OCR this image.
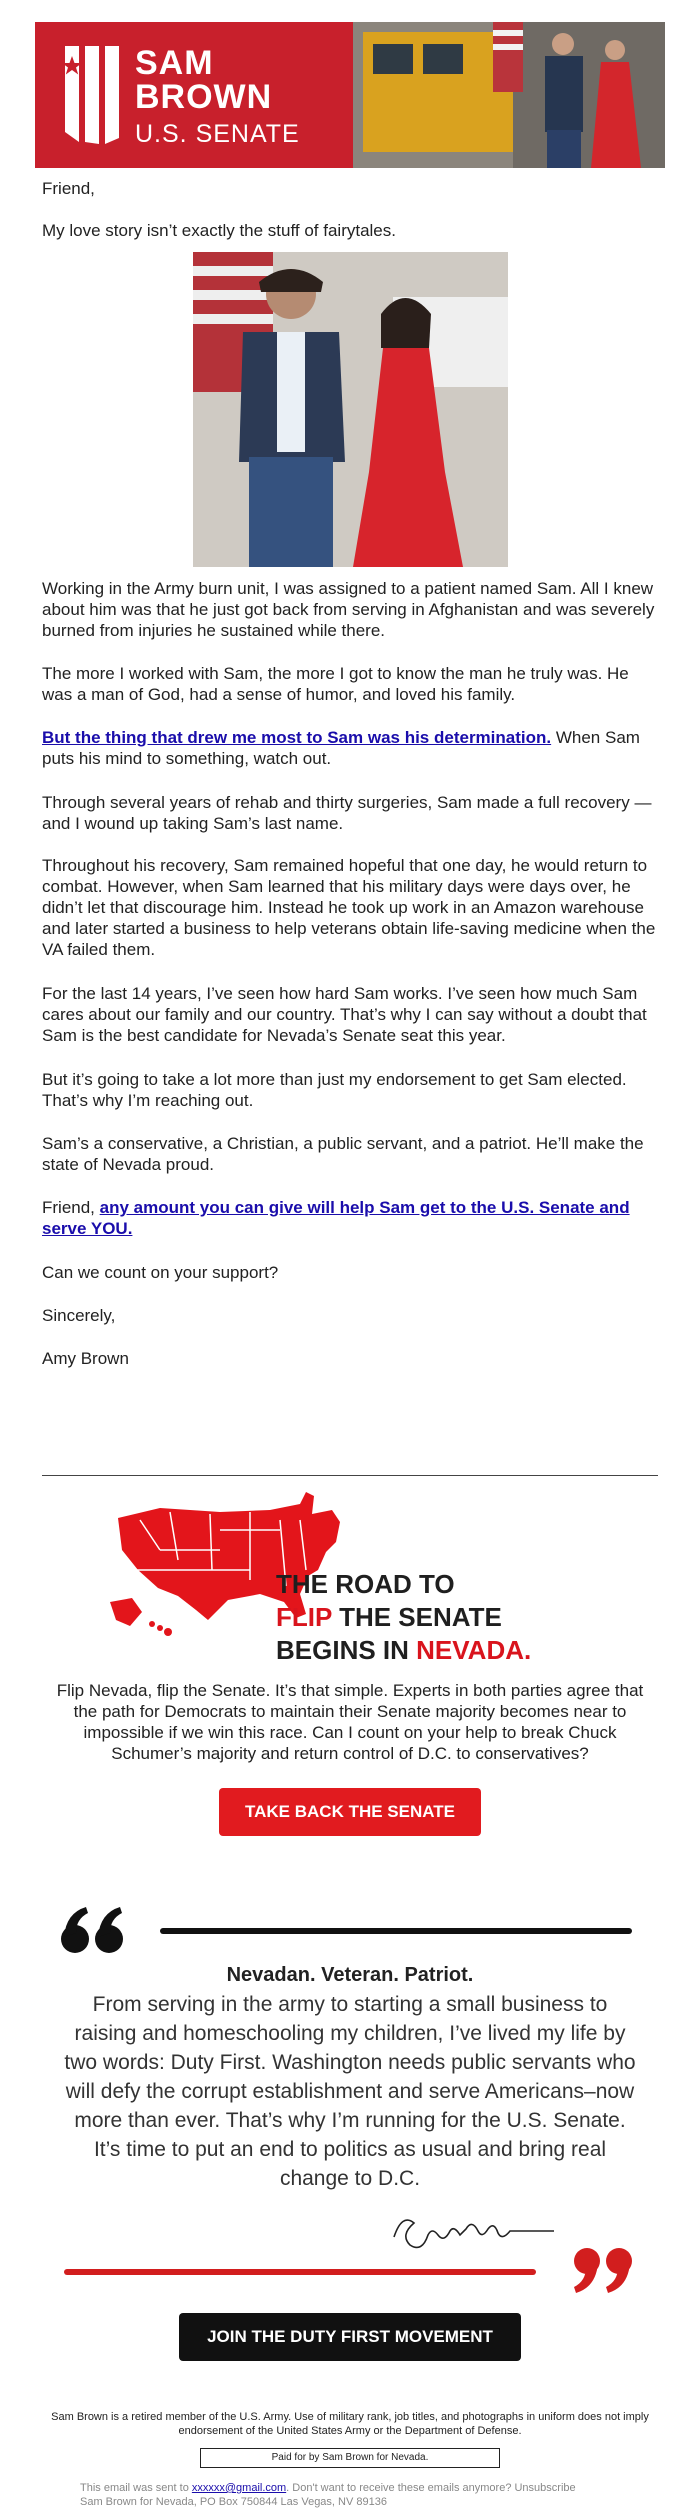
SAM
BROWN
U.S. SENATE
Friend,
My love story isn’t exactly the stuff of fairytales.
Working in the Army burn unit, I was assigned to a patient named Sam. All I knew about him was that he just got back from serving in Afghanistan and was severely burned from injuries he sustained while there.
The more I worked with Sam, the more I got to know the man he truly was. He was a man of God, had a sense of humor, and loved his family.
But the thing that drew me most to Sam was his determination. When Sam puts his mind to something, watch out.
Through several years of rehab and thirty surgeries, Sam made a full recovery — and I wound up taking Sam’s last name.
Throughout his recovery, Sam remained hopeful that one day, he would return to combat. However, when Sam learned that his military days were days over, he didn’t let that discourage him. Instead he took up work in an Amazon warehouse and later started a business to help veterans obtain life-saving medicine when the VA failed them.
For the last 14 years, I’ve seen how hard Sam works. I’ve seen how much Sam cares about our family and our country. That’s why I can say without a doubt that Sam is the best candidate for Nevada’s Senate seat this year.
But it’s going to take a lot more than just my endorsement to get Sam elected. That’s why I’m reaching out.
Sam’s a conservative, a Christian, a public servant, and a patriot. He’ll make the state of Nevada proud.
Friend, any amount you can give will help Sam get to the U.S. Senate and serve YOU.
Can we count on your support?
Sincerely,
Amy Brown
THE ROAD TO
FLIP THE SENATE
BEGINS IN NEVADA.
Flip Nevada, flip the Senate. It’s that simple. Experts in both parties agree that the path for Democrats to maintain their Senate majority becomes near to impossible if we win this race. Can I count on your help to break Chuck Schumer’s majority and return control of D.C. to conservatives?
TAKE BACK THE SENATE
Nevadan. Veteran. Patriot.
From serving in the army to starting a small business to raising and homeschooling my children, I’ve lived my life by two words: Duty First. Washington needs public servants who will defy the corrupt establishment and serve Americans–now more than ever. That’s why I’m running for the U.S. Senate. It’s time to put an end to politics as usual and bring real change to D.C.
JOIN THE DUTY FIRST MOVEMENT
Sam Brown is a retired member of the U.S. Army. Use of military rank, job titles, and photographs in uniform does not imply endorsement of the United States Army or the Department of Defense.
Paid for by Sam Brown for Nevada.
This email was sent to xxxxxx@gmail.com. Don't want to receive these emails anymore? Unsubscribe
Sam Brown for Nevada, PO Box 750844 Las Vegas, NV 89136
